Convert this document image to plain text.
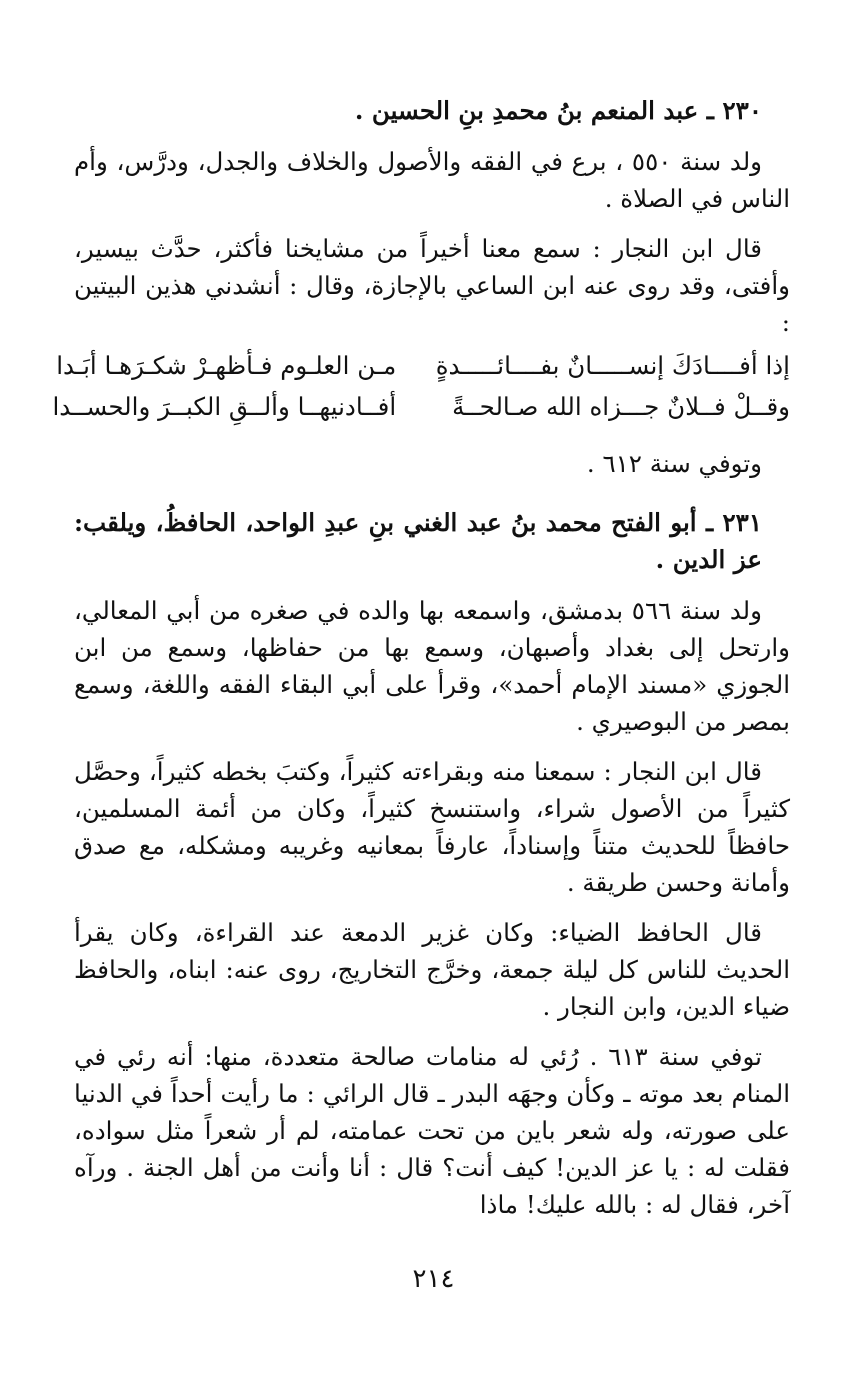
٢٣٠ ـ عبد المنعم بنُ محمدِ بنِ الحسين .

ولد سنة ٥٥٠ ، برع في الفقه والأصول والخلاف والجدل، ودرَّس، وأم الناس في الصلاة .

قال ابن النجار : سمع معنا أخيراً من مشايخنا فأكثر، حدَّث بيسير، وأفتى، وقد روى عنه ابن الساعي بالإجازة، وقال : أنشدني هذين البيتين :

إذا أفــــادَكَ إنســـــانٌ بفــــائـــــدةٍ
مـن العلـوم فـأظهـرْ شكـرَهـا أبَـدا
وقــلْ فــلانٌ جـــزاه الله صـالحــةً
أفــادنيهــا وألــقِ الكبــرَ والحســدا

وتوفي سنة ٦١٢ .

٢٣١ ـ أبو الفتح محمد بنُ عبد الغني بنِ عبدِ الواحد، الحافظُ، ويلقب: عز الدين .

ولد سنة ٥٦٦ بدمشق، واسمعه بها والده في صغره من أبي المعالي، وارتحل إلى بغداد وأصبهان، وسمع بها من حفاظها، وسمع من ابن الجوزي «مسند الإمام أحمد»، وقرأ على أبي البقاء الفقه واللغة، وسمع بمصر من البوصيري .

قال ابن النجار : سمعنا منه وبقراءته كثيراً، وكتبَ بخطه كثيراً، وحصَّل كثيراً من الأصول شراء، واستنسخ كثيراً، وكان من أئمة المسلمين، حافظاً للحديث متناً وإسناداً، عارفاً بمعانيه وغريبه ومشكله، مع صدق وأمانة وحسن طريقة .

قال الحافظ الضياء: وكان غزير الدمعة عند القراءة، وكان يقرأ الحديث للناس كل ليلة جمعة، وخرَّج التخاريج، روى عنه: ابناه، والحافظ ضياء الدين، وابن النجار .

توفي سنة ٦١٣ . رُئي له منامات صالحة متعددة، منها: أنه رئي في المنام بعد موته ـ وكأن وجهَه البدر ـ قال الرائي : ما رأيت أحداً في الدنيا على صورته، وله شعر باين من تحت عمامته، لم أر شعراً مثل سواده، فقلت له : يا عز الدين! كيف أنت؟ قال : أنا وأنت من أهل الجنة . ورآه آخر، فقال له : بالله عليك! ماذا

٢١٤
